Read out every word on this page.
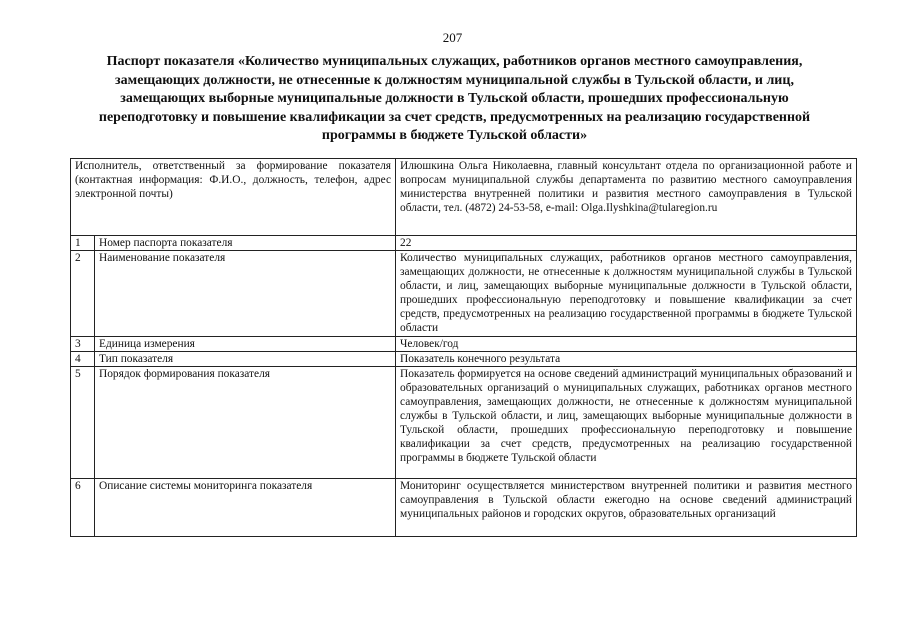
207
Паспорт показателя «Количество муниципальных служащих, работников органов местного самоуправления, замещающих должности, не отнесенные к должностям муниципальной службы в Тульской области, и лиц, замещающих выборные муниципальные должности в Тульской области, прошедших профессиональную переподготовку и повышение квалификации за счет средств, предусмотренных на реализацию государственной программы в бюджете Тульской области»
Исполнитель, ответственный за формирование показателя (контактная информация: Ф.И.О., должность, телефон, адрес электронной почты)		Илюшкина Ольга Николаевна, главный консультант отдела по организационной работе и вопросам муниципальной службы департамента по развитию местного самоуправления министерства внутренней политики и развития местного самоуправления в Тульской области, тел. (4872) 24-53-58, e-mail: Olga.Ilyshkina@tularegion.ru
1	Номер паспорта показателя	22
2	Наименование показателя	Количество муниципальных служащих, работников органов местного самоуправления, замещающих должности, не отнесенные к должностям муниципальной службы в Тульской области, и лиц, замещающих выборные муниципальные должности в Тульской области, прошедших профессиональную переподготовку и повышение квалификации за счет средств, предусмотренных на реализацию государственной программы в бюджете Тульской области
3	Единица измерения	Человек/год
4	Тип показателя	Показатель конечного результата
5	Порядок формирования показателя	Показатель формируется на основе сведений администраций муниципальных образований и образовательных организаций о муниципальных служащих, работниках органов местного самоуправления, замещающих должности, не отнесенные к должностям муниципальной службы в Тульской области, и лиц, замещающих выборные муниципальные должности в Тульской области, прошедших профессиональную переподготовку и повышение квалификации за счет средств, предусмотренных на реализацию государственной программы в бюджете Тульской области
6	Описание системы мониторинга показателя	Мониторинг осуществляется министерством внутренней политики и развития местного самоуправления в Тульской области ежегодно на основе сведений администраций муниципальных районов и городских округов, образовательных организаций
